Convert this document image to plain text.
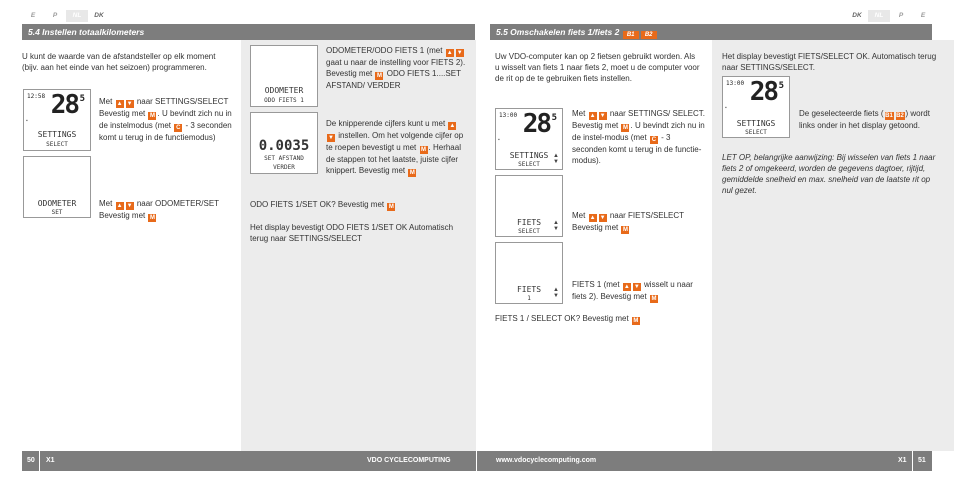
E	P	NL	DK	DK	NL	P	E
5.4 Instellen totaalkilometers	5.5 Omschakelen fiets 1/fiets 2 B1 B2
U kunt de waarde van de afstandsteller op elk moment (bijv. aan het einde van het seizoen) programmeren.
12:58 28 5
▪
SETTINGS
SELECT
Met ▲ ▼ naar SETTINGS/SELECT Bevestig met M . U bevindt zich nu in de instelmodus (met C - 3 seconden komt u terug in de functiemodus)
ODOMETER
SET
Met ▲ ▼ naar ODOMETER/SET Bevestig met M
ODOMETER
ODO FIETS 1
ODOMETER/ODO FIETS 1 (met ▲ ▼ gaat u naar de instelling voor FIETS 2). Bevestig met M ODO FIETS 1....SET AFSTAND/ VERDER
0.0035
SET AFSTAND
VERDER
De knipperende cijfers kunt u met ▲▼ instellen. Om het volgende cijfer op te roepen bevestigt u met M . Herhaal de stappen tot het laatste, juiste cijfer knippert. Bevestig met M
ODO FIETS 1/SET OK? Bevestig met M
Het display bevestigt ODO FIETS 1/SET OK Automatisch terug naar SETTINGS/SELECT
Uw VDO-computer kan op 2 fietsen gebruikt worden. Als u wisselt van fiets 1 naar fiets 2, moet u de computer voor de rit op de te gebruiken fiets instellen.
13:00 28 5
▪
SETTINGS
SELECT
▲
▼
Met ▲ ▼ naar SETTINGS/ SELECT. Bevestig met M . U bevindt zich nu in de instel-modus (met C - 3 seconden komt u terug in de functie-modus).
FIETS
SELECT
▲
▼
Met ▲ ▼ naar FIETS/SELECT Bevestig met M
FIETS
1
▲
▼
FIETS 1 (met ▲ ▼ wisselt u naar fiets 2). Bevestig met M
FIETS 1 / SELECT OK? Bevestig met M
Het display bevestigt FIETS/SELECT OK. Automatisch terug naar SETTINGS/SELECT.
13:00 28 5
▪
SETTINGS
SELECT
De geselecteerde fiets ( B1 B2 ) wordt links onder in het display getoond.
LET OP, belangrijke aanwijzing: Bij wisselen van fiets 1 naar fiets 2 of omgekeerd, worden de gegevens dagtoer, rijtijd, gemiddelde snelheid en max. snelheid van de laatste rit op nul gezet.
50 X1	VDO CYCLECOMPUTING	www.vdocyclecomputing.com	X1 51
